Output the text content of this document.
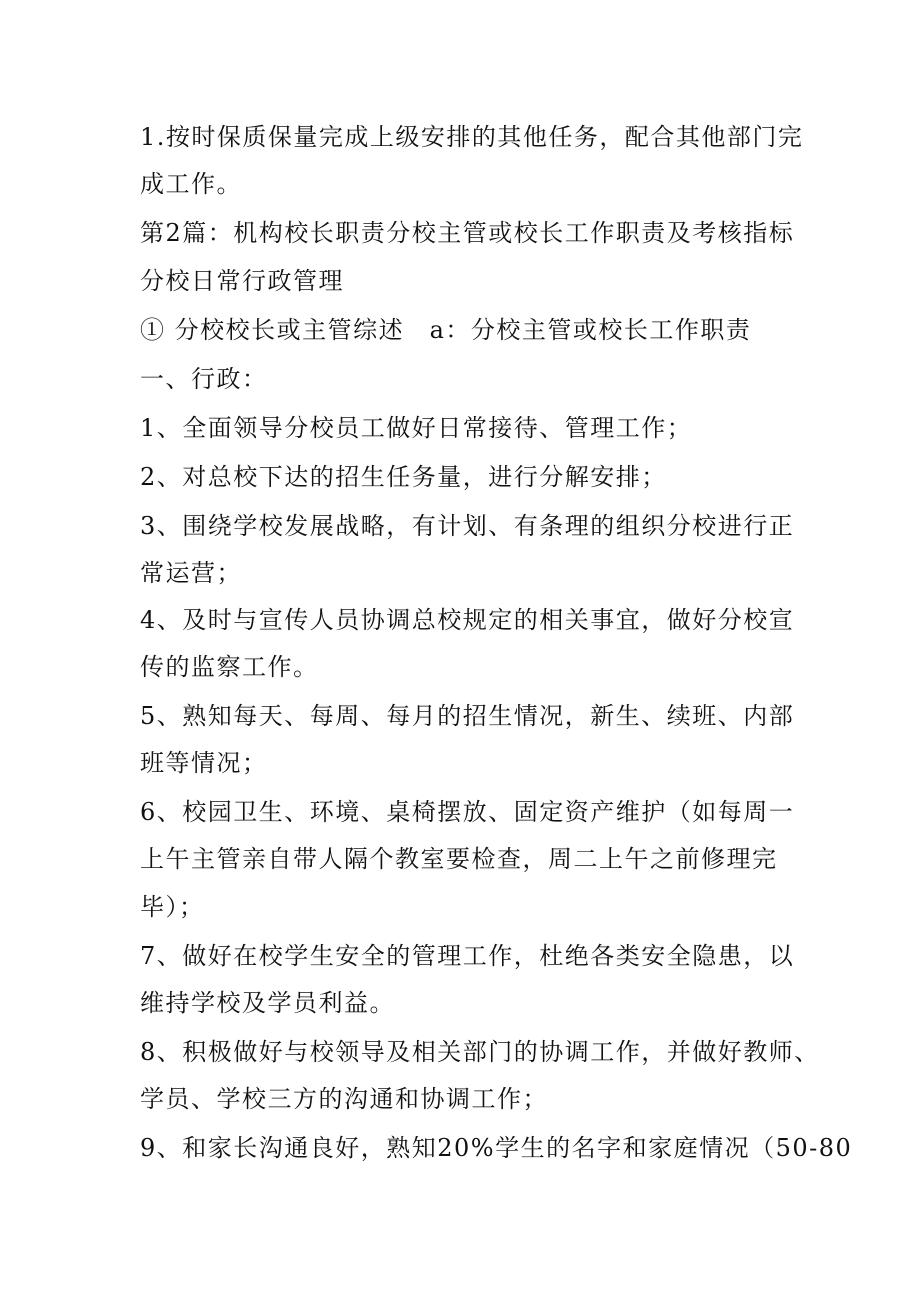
1.按时保质保量完成上级安排的其他任务，配合其他部门完
成工作。
第2篇：机构校长职责分校主管或校长工作职责及考核指标
分校日常行政管理
① 分校校长或主管综述　a：分校主管或校长工作职责
一、行政：
1、全面领导分校员工做好日常接待、管理工作；
2、对总校下达的招生任务量，进行分解安排；
3、围绕学校发展战略，有计划、有条理的组织分校进行正
常运营；
4、及时与宣传人员协调总校规定的相关事宜，做好分校宣
传的监察工作。
5、熟知每天、每周、每月的招生情况，新生、续班、内部
班等情况；
6、校园卫生、环境、桌椅摆放、固定资产维护（如每周一
上午主管亲自带人隔个教室要检查，周二上午之前修理完
毕）；
7、做好在校学生安全的管理工作，杜绝各类安全隐患，以
维持学校及学员利益。
8、积极做好与校领导及相关部门的协调工作，并做好教师、
学员、学校三方的沟通和协调工作；
9、和家长沟通良好，熟知20%学生的名字和家庭情况（50-80
